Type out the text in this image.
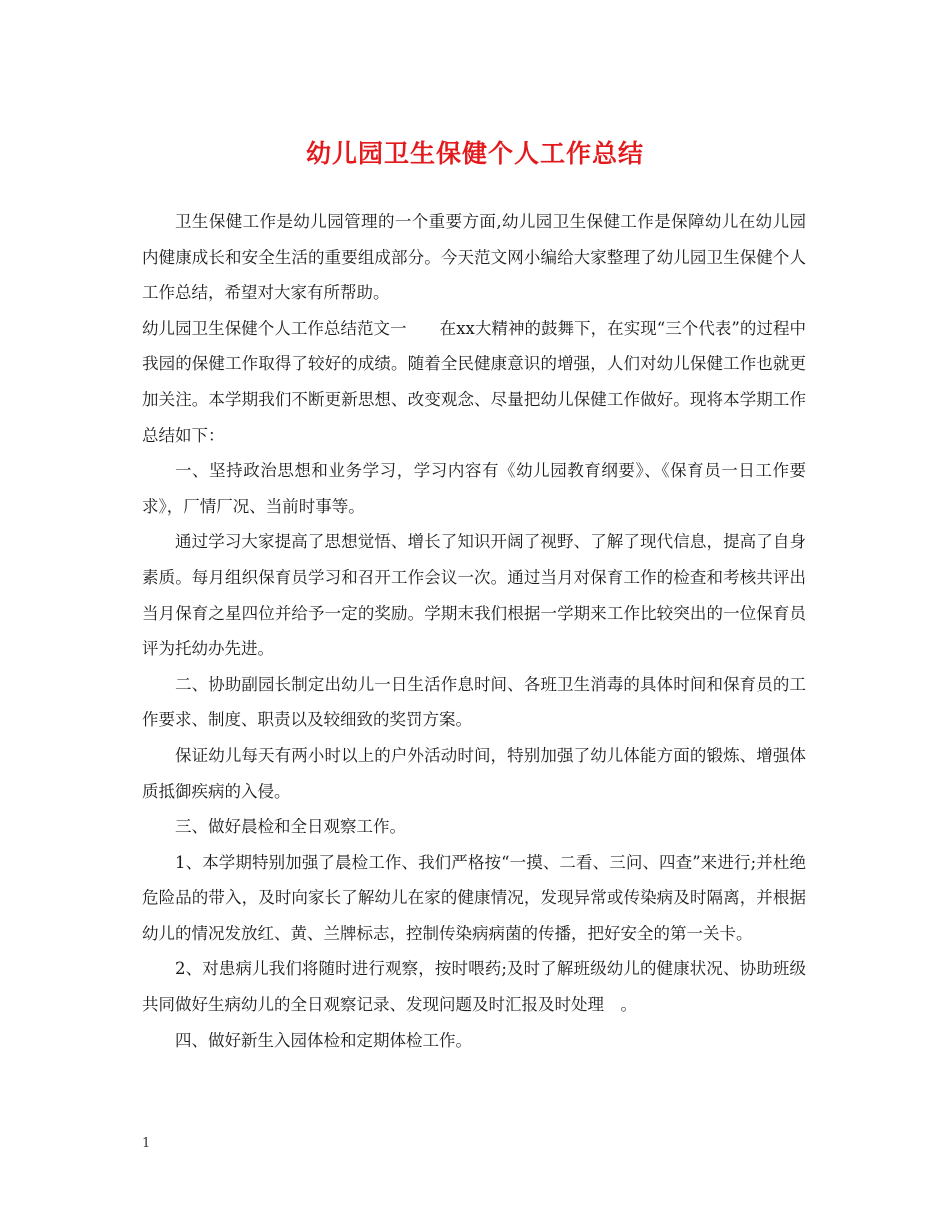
幼儿园卫生保健个人工作总结

卫生保健工作是幼儿园管理的一个重要方面,幼儿园卫生保健工作是保障幼儿在幼儿园内健康成长和安全生活的重要组成部分。今天范文网小编给大家整理了幼儿园卫生保健个人工作总结，希望对大家有所帮助。

幼儿园卫生保健个人工作总结范文一　　在xx大精神的鼓舞下，在实现“三个代表”的过程中我园的保健工作取得了较好的成绩。随着全民健康意识的增强，人们对幼儿保健工作也就更加关注。本学期我们不断更新思想、改变观念、尽量把幼儿保健工作做好。现将本学期工作总结如下：

一、坚持政治思想和业务学习，学习内容有《幼儿园教育纲要》、《保育员一日工作要求》，厂情厂况、当前时事等。

通过学习大家提高了思想觉悟、增长了知识开阔了视野、了解了现代信息，提高了自身素质。每月组织保育员学习和召开工作会议一次。通过当月对保育工作的检查和考核共评出当月保育之星四位并给予一定的奖励。学期末我们根据一学期来工作比较突出的一位保育员评为托幼办先进。

二、协助副园长制定出幼儿一日生活作息时间、各班卫生消毒的具体时间和保育员的工作要求、制度、职责以及较细致的奖罚方案。

保证幼儿每天有两小时以上的户外活动时间，特别加强了幼儿体能方面的锻炼、增强体质抵御疾病的入侵。

三、做好晨检和全日观察工作。

1、本学期特别加强了晨检工作、我们严格按“一摸、二看、三问、四查”来进行;并杜绝危险品的带入，及时向家长了解幼儿在家的健康情况，发现异常或传染病及时隔离，并根据幼儿的情况发放红、黄、兰牌标志，控制传染病病菌的传播，把好安全的第一关卡。

2、对患病儿我们将随时进行观察，按时喂药;及时了解班级幼儿的健康状况、协助班级共同做好生病幼儿的全日观察记录、发现问题及时汇报及时处理　。

四、做好新生入园体检和定期体检工作。

1
